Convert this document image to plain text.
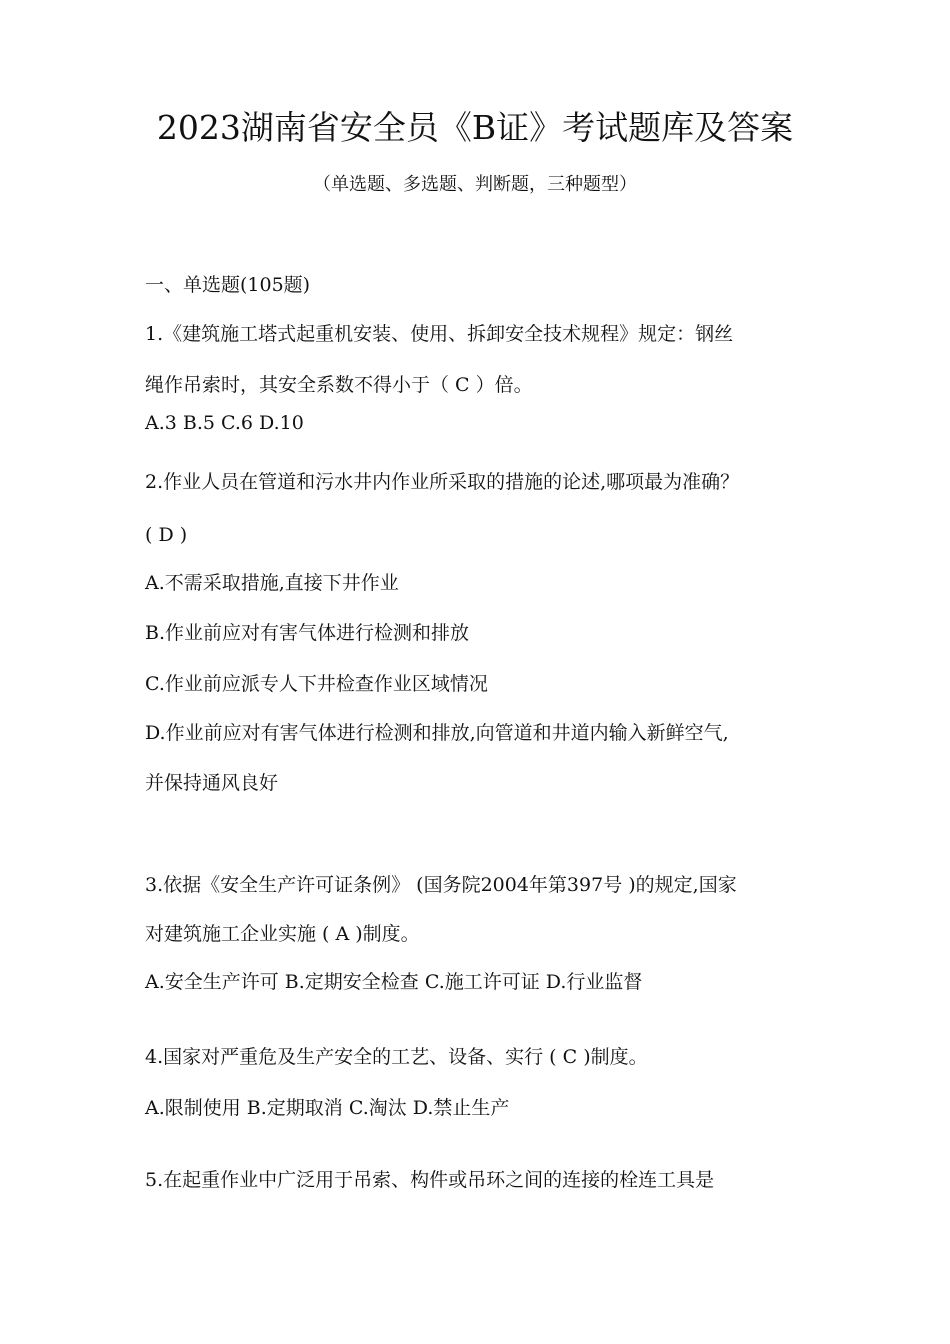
2023湖南省安全员《B证》考试题库及答案
（单选题、多选题、判断题，三种题型）
一、单选题(105题)
1.《建筑施工塔式起重机安装、使用、拆卸安全技术规程》规定：钢丝
绳作吊索时，其安全系数不得小于（ C ）倍。
A.3 B.5 C.6 D.10
2.作业人员在管道和污水井内作业所采取的措施的论述,哪项最为准确？
( D )
A.不需采取措施,直接下井作业
B.作业前应对有害气体进行检测和排放
C.作业前应派专人下井检查作业区域情况
D.作业前应对有害气体进行检测和排放,向管道和井道内输入新鲜空气,
并保持通风良好
3.依据《安全生产许可证条例》 (国务院2004年第397号 )的规定,国家
对建筑施工企业实施 ( A )制度。
A.安全生产许可 B.定期安全检查 C.施工许可证 D.行业监督
4.国家对严重危及生产安全的工艺、设备、实行 ( C )制度。
A.限制使用 B.定期取消 C.淘汰 D.禁止生产
5.在起重作业中广泛用于吊索、构件或吊环之间的连接的栓连工具是
